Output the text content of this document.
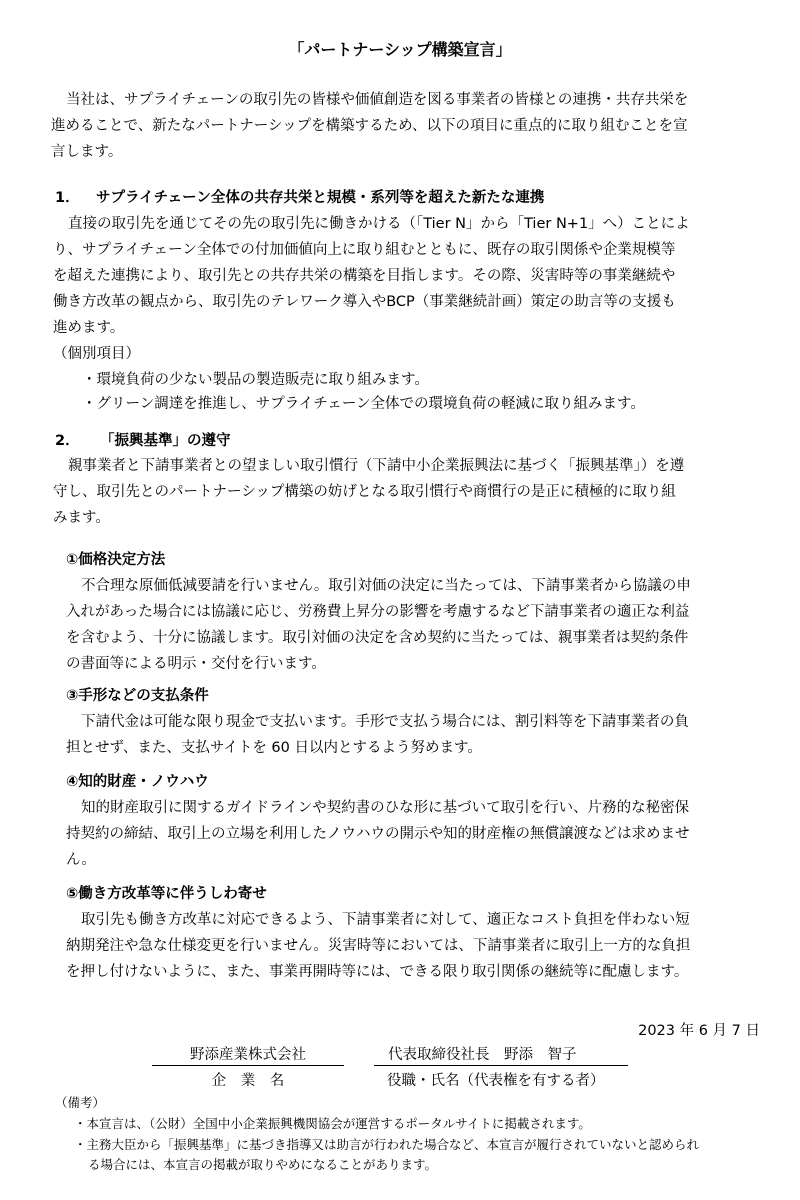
「パートナーシップ構築宣言」
当社は、サプライチェーンの取引先の皆様や価値創造を図る事業者の皆様との連携・共存共栄を
進めることで、新たなパートナーシップを構築するため、以下の項目に重点的に取り組むことを宣
言します。
1． サプライチェーン全体の共存共栄と規模・系列等を超えた新たな連携
直接の取引先を通じてその先の取引先に働きかける（「Tier N」から「Tier N+1」へ）ことによ
り、サプライチェーン全体での付加価値向上に取り組むとともに、既存の取引関係や企業規模等
を超えた連携により、取引先との共存共栄の構築を目指します。その際、災害時等の事業継続や
働き方改革の観点から、取引先のテレワーク導入やBCP（事業継続計画）策定の助言等の支援も
進めます。
（個別項目）
・環境負荷の少ない製品の製造販売に取り組みます。
・グリーン調達を推進し、サプライチェーン全体での環境負荷の軽減に取り組みます。
2． 「振興基準」の遵守
親事業者と下請事業者との望ましい取引慣行（下請中小企業振興法に基づく「振興基準」）を遵
守し、取引先とのパートナーシップ構築の妨げとなる取引慣行や商慣行の是正に積極的に取り組
みます。
①価格決定方法
不合理な原価低減要請を行いません。取引対価の決定に当たっては、下請事業者から協議の申
入れがあった場合には協議に応じ、労務費上昇分の影響を考慮するなど下請事業者の適正な利益
を含むよう、十分に協議します。取引対価の決定を含め契約に当たっては、親事業者は契約条件
の書面等による明示・交付を行います。
③手形などの支払条件
下請代金は可能な限り現金で支払います。手形で支払う場合には、割引料等を下請事業者の負
担とせず、また、支払サイトを 60 日以内とするよう努めます。
④知的財産・ノウハウ
知的財産取引に関するガイドラインや契約書のひな形に基づいて取引を行い、片務的な秘密保
持契約の締結、取引上の立場を利用したノウハウの開示や知的財産権の無償譲渡などは求めませ
ん。
⑤働き方改革等に伴うしわ寄せ
取引先も働き方改革に対応できるよう、下請事業者に対して、適正なコスト負担を伴わない短
納期発注や急な仕様変更を行いません。災害時等においては、下請事業者に取引上一方的な負担
を押し付けないように、また、事業再開時等には、できる限り取引関係の継続等に配慮します。
2023 年 6 月 7 日
野添産業株式会社
企　業　名
代表取締役社長　野添　智子
役職・氏名（代表権を有する者）
（備考）
・本宣言は、（公財）全国中小企業振興機関協会が運営するポータルサイトに掲載されます。
・主務大臣から「振興基準」に基づき指導又は助言が行われた場合など、本宣言が履行されていないと認められ
る場合には、本宣言の掲載が取りやめになることがあります。
